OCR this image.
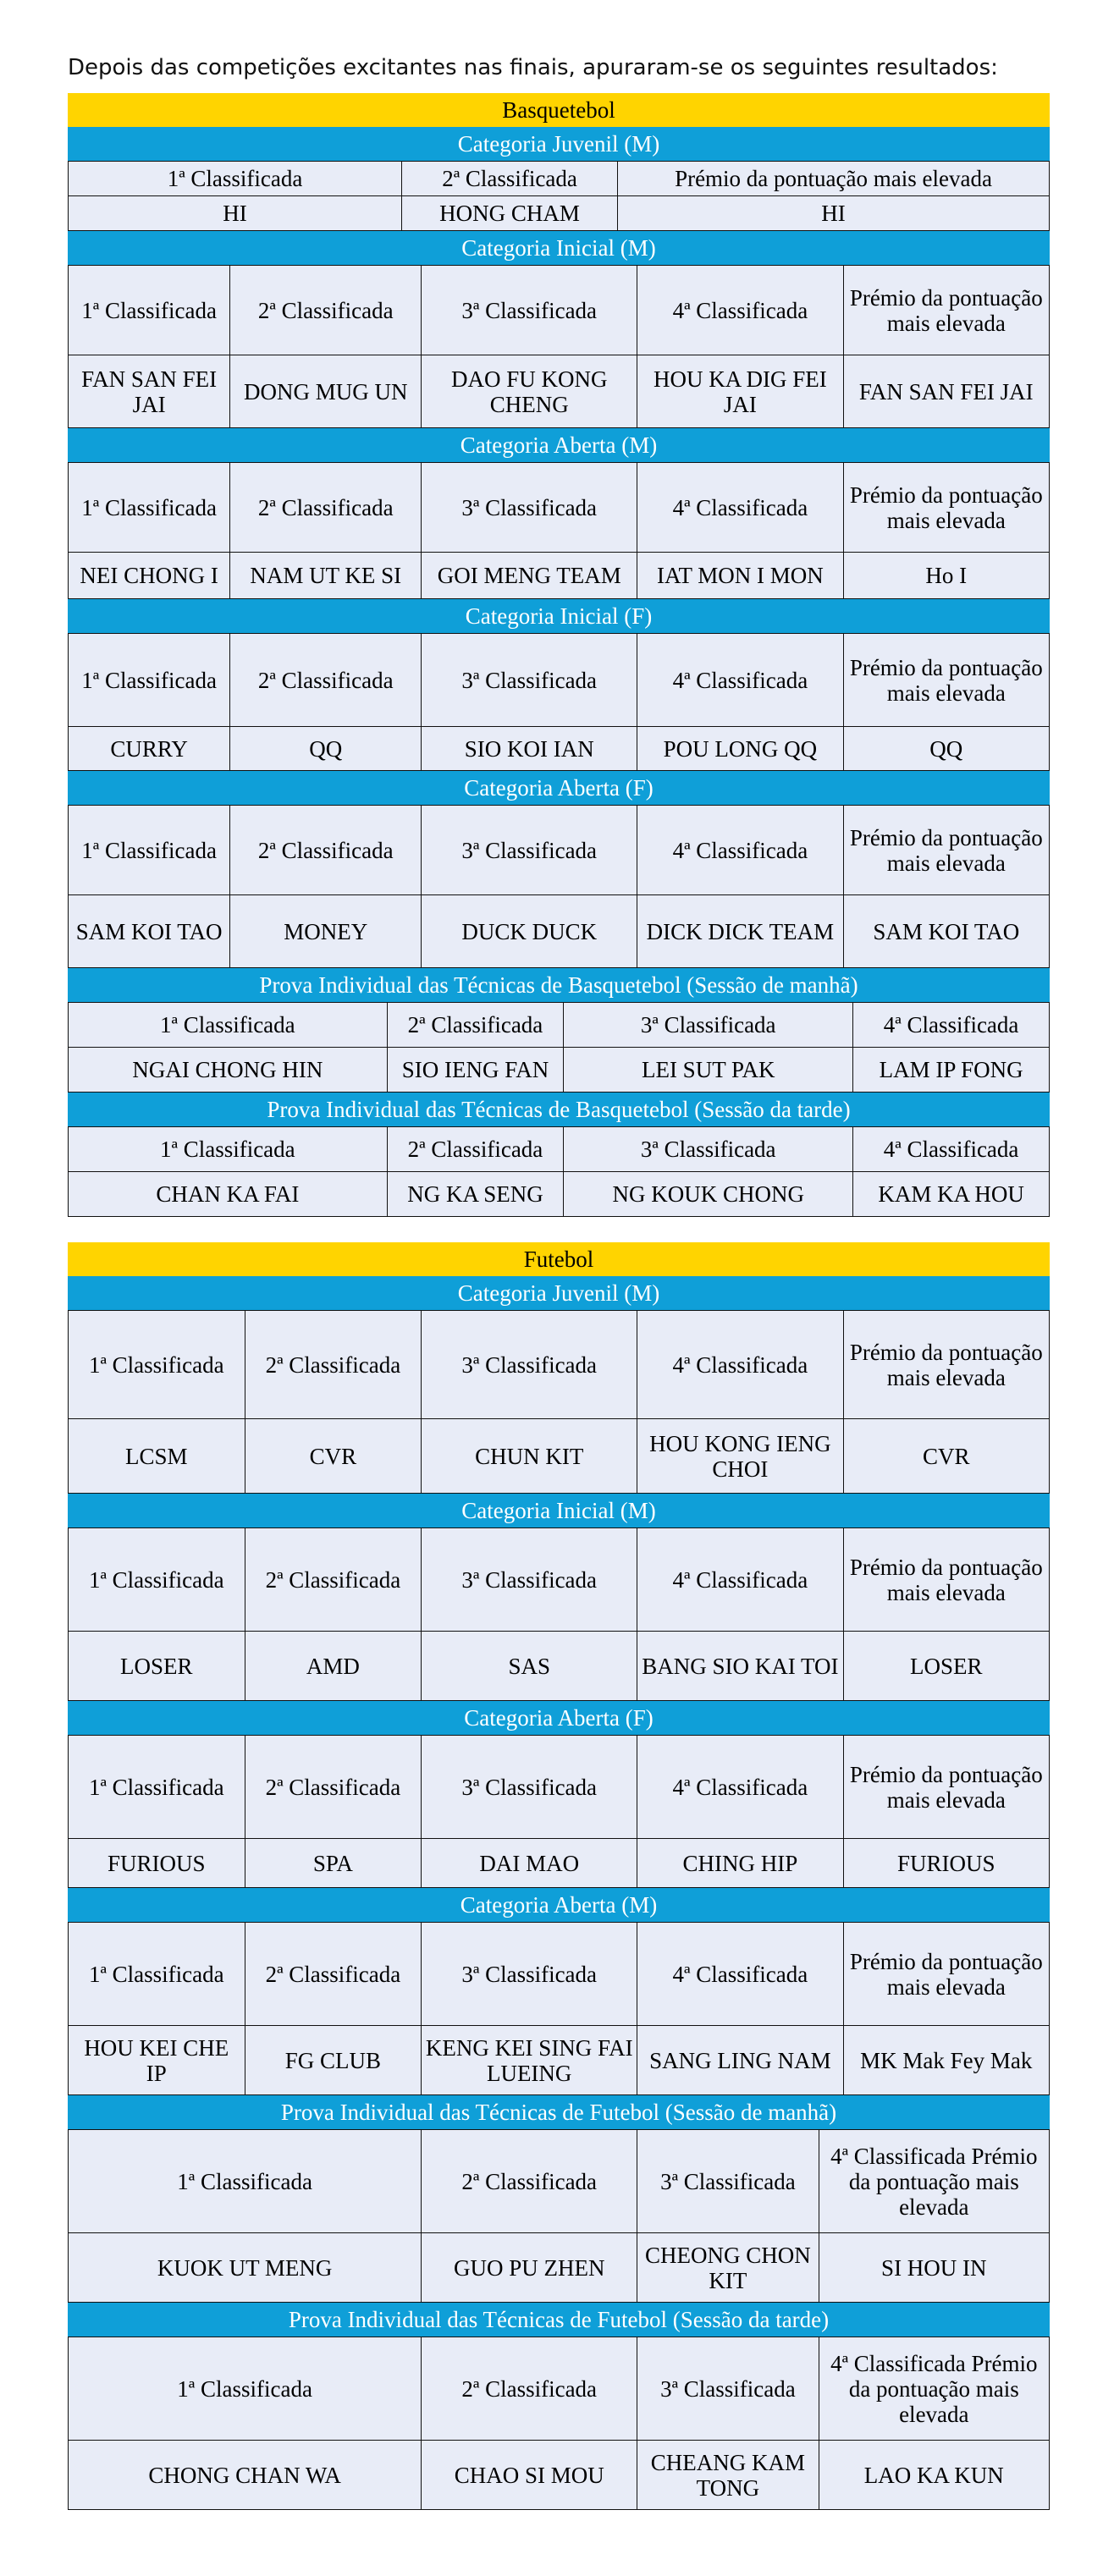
Depois das competições excitantes nas finais, apuraram-se os seguintes resultados:
Basquetebol
Categoria Juvenil (M)
1ª Classificada	2ª Classificada	Prémio da pontuação mais elevada
HI	HONG CHAM	HI
Categoria Inicial (M)
1ª Classificada	2ª Classificada	3ª Classificada	4ª Classificada	Prémio da pontuação mais elevada
FAN SAN FEI JAI	DONG MUG UN	DAO FU KONG CHENG	HOU KA DIG FEI JAI	FAN SAN FEI JAI
Categoria Aberta (M)
1ª Classificada	2ª Classificada	3ª Classificada	4ª Classificada	Prémio da pontuação mais elevada
NEI CHONG I	NAM UT KE SI	GOI MENG TEAM	IAT MON I MON	Ho I
Categoria Inicial (F)
1ª Classificada	2ª Classificada	3ª Classificada	4ª Classificada	Prémio da pontuação mais elevada
CURRY	QQ	SIO KOI IAN	POU LONG QQ	QQ
Categoria Aberta (F)
1ª Classificada	2ª Classificada	3ª Classificada	4ª Classificada	Prémio da pontuação mais elevada
SAM KOI TAO	MONEY	DUCK DUCK	DICK DICK TEAM	SAM KOI TAO
Prova Individual das Técnicas de Basquetebol (Sessão de manhã)
1ª Classificada	2ª Classificada	3ª Classificada	4ª Classificada
NGAI CHONG HIN	SIO IENG FAN	LEI SUT PAK	LAM IP FONG
Prova Individual das Técnicas de Basquetebol (Sessão da tarde)
1ª Classificada	2ª Classificada	3ª Classificada	4ª Classificada
CHAN KA FAI	NG KA SENG	NG KOUK CHONG	KAM KA HOU
Futebol
Categoria Juvenil (M)
1ª Classificada	2ª Classificada	3ª Classificada	4ª Classificada	Prémio da pontuação mais elevada
LCSM	CVR	CHUN KIT	HOU KONG IENG CHOI	CVR
Categoria Inicial (M)
1ª Classificada	2ª Classificada	3ª Classificada	4ª Classificada	Prémio da pontuação mais elevada
LOSER	AMD	SAS	BANG SIO KAI TOI	LOSER
Categoria Aberta (F)
1ª Classificada	2ª Classificada	3ª Classificada	4ª Classificada	Prémio da pontuação mais elevada
FURIOUS	SPA	DAI MAO	CHING HIP	FURIOUS
Categoria Aberta (M)
1ª Classificada	2ª Classificada	3ª Classificada	4ª Classificada	Prémio da pontuação mais elevada
HOU KEI CHE IP	FG CLUB	KENG KEI SING FAI LUEING	SANG LING NAM	MK Mak Fey Mak
Prova Individual das Técnicas de Futebol (Sessão de manhã)
1ª Classificada	2ª Classificada	3ª Classificada	4ª Classificada Prémio da pontuação mais elevada
KUOK UT MENG	GUO PU ZHEN	CHEONG CHON KIT	SI HOU IN
Prova Individual das Técnicas de Futebol (Sessão da tarde)
1ª Classificada	2ª Classificada	3ª Classificada	4ª Classificada Prémio da pontuação mais elevada
CHONG CHAN WA	CHAO SI MOU	CHEANG KAM TONG	LAO KA KUN
